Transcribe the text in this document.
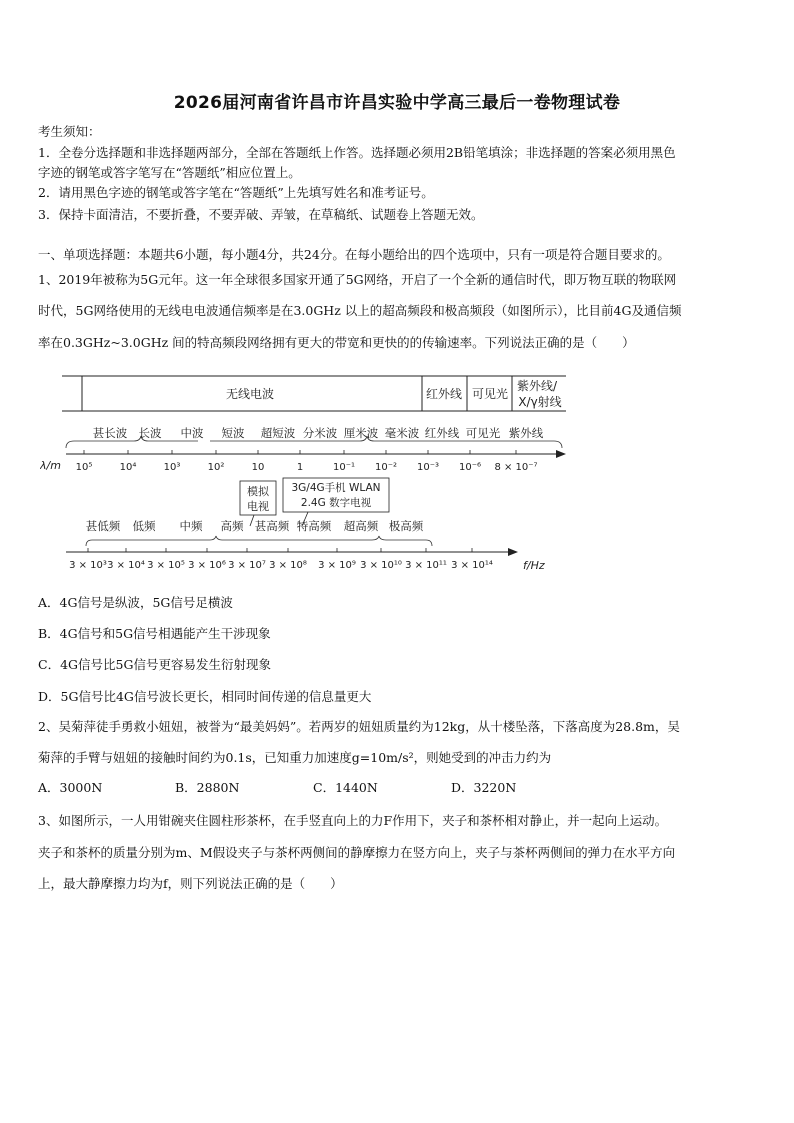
2026届河南省许昌市许昌实验中学高三最后一卷物理试卷
考生须知：
1．全卷分选择题和非选择题两部分，全部在答题纸上作答。选择题必须用2B铅笔填涂；非选择题的答案必须用黑色
字迹的钢笔或答字笔写在“答题纸”相应位置上。
2．请用黑色字迹的钢笔或答字笔在“答题纸”上先填写姓名和准考证号。
3．保持卡面清洁，不要折叠，不要弄破、弄皱，在草稿纸、试题卷上答题无效。
一、单项选择题：本题共6小题，每小题4分，共24分。在每小题给出的四个选项中，只有一项是符合题目要求的。
1、2019年被称为5G元年。这一年全球很多国家开通了5G网络，开启了一个全新的通信时代，即万物互联的物联网
时代，5G网络使用的无线电电波通信频率是在3.0GHz 以上的超高频段和极高频段（如图所示），比目前4G及通信频
率在0.3GHz~3.0GHz 间的特高频段网络拥有更大的带宽和更快的的传输速率。下列说法正确的是（　　）
无线电波	红外线 可见光
紫外线/
X/γ射线
甚长波 长波 中波 短波 超短波 分米波 厘米波 毫米波 红外线 可见光 紫外线
λ/m 10⁵	10⁴	10³	10²	10	1	10⁻¹ 10⁻² 10⁻³ 10⁻⁶ 8 × 10⁻⁷
模拟
电视
3G/4G手机 WLAN
2.4G 数字电视
甚低频 低频 中频 高频 甚高频 特高频 超高频 极高频
f/Hz
3 × 10³ 3 × 10⁴ 3 × 10⁵ 3 × 10⁶ 3 × 10⁷ 3 × 10⁸ 3 × 10⁹ 3 × 10¹⁰ 3 × 10¹¹ 3 × 10¹⁴
A．4G信号是纵波，5G信号足横波
B．4G信号和5G信号相遇能产生干涉现象
C．4G信号比5G信号更容易发生衍射现象
D．5G信号比4G信号波长更长，相同时间传递的信息量更大
2、吴菊萍徒手勇救小妞妞，被誉为“最美妈妈”。若两岁的妞妞质量约为12kg，从十楼坠落，下落高度为28.8m，吴
菊萍的手臂与妞妞的接触时间约为0.1s，已知重力加速度g=10m/s²，则她受到的冲击力约为
A．3000N	B．2880N	C．1440N	D．3220N
3、如图所示，一人用钳碗夹住圆柱形茶杯，在手竖直向上的力F作用下，夹子和茶杯相对静止，并一起向上运动。
夹子和茶杯的质量分别为m、M假设夹子与茶杯两侧间的静摩擦力在竖方向上，夹子与茶杯两侧间的弹力在水平方向
上，最大静摩擦力均为f，则下列说法正确的是（　　）
